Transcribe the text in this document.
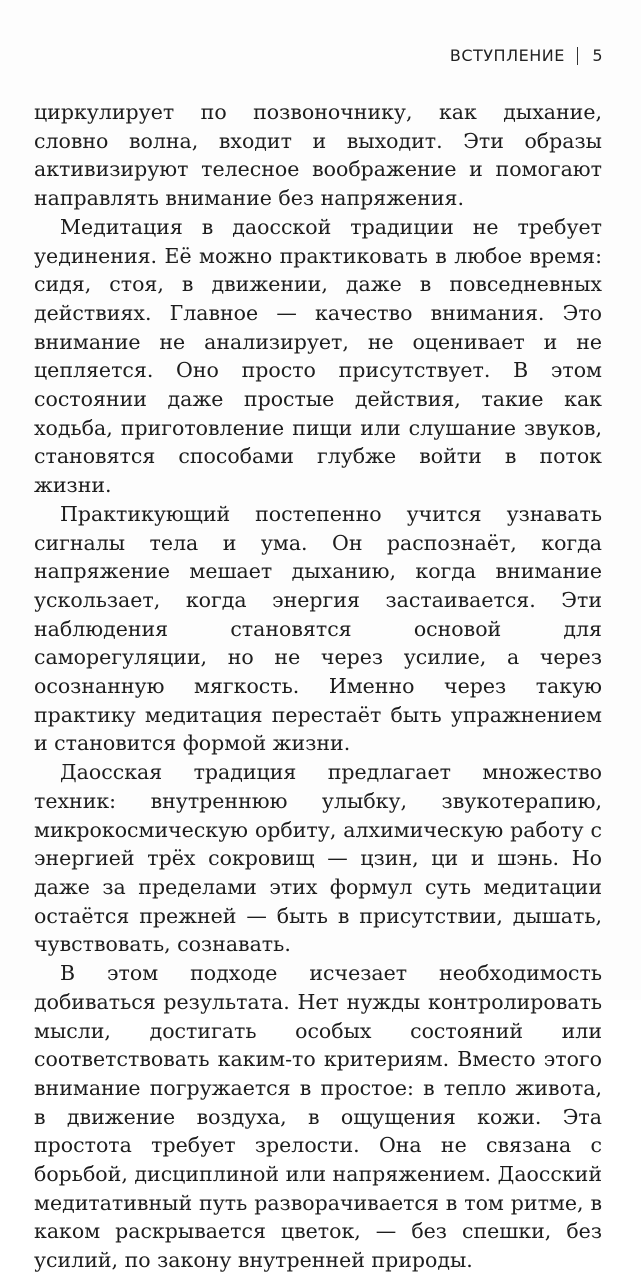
ВСТУПЛЕНИЕ 5

циркулирует по позвоночнику, как дыхание, словно волна, входит и выходит. Эти образы активизируют телесное воображение и помогают направлять внимание без напряжения.

Медитация в даосской традиции не требует уединения. Её можно практиковать в любое время: сидя, стоя, в движении, даже в повседневных действиях. Главное — качество внимания. Это внимание не анализирует, не оценивает и не цепляется. Оно просто присутствует. В этом состоянии даже простые действия, такие как ходьба, приготовление пищи или слушание звуков, становятся способами глубже войти в поток жизни.

Практикующий постепенно учится узнавать сигналы тела и ума. Он распознаёт, когда напряжение мешает дыханию, когда внимание ускользает, когда энергия застаивается. Эти наблюдения становятся основой для саморегуляции, но не через усилие, а через осознанную мягкость. Именно через такую практику медитация перестаёт быть упражнением и становится формой жизни.

Даосская традиция предлагает множество техник: внутреннюю улыбку, звукотерапию, микрокосмическую орбиту, алхимическую работу с энергией трёх сокровищ — цзин, ци и шэнь. Но даже за пределами этих формул суть медитации остаётся прежней — быть в присутствии, дышать, чувствовать, сознавать.

В этом подходе исчезает необходимость добиваться результата. Нет нужды контролировать мысли, достигать особых состояний или соответствовать каким-то критериям. Вместо этого внимание погружается в простое: в тепло живота, в движение воздуха, в ощущения кожи. Эта простота требует зрелости. Она не связана с борьбой, дисциплиной или напряжением. Даосский медитативный путь разворачивается в том ритме, в каком раскрывается цветок, — без спешки, без усилий, по закону внутренней природы.
